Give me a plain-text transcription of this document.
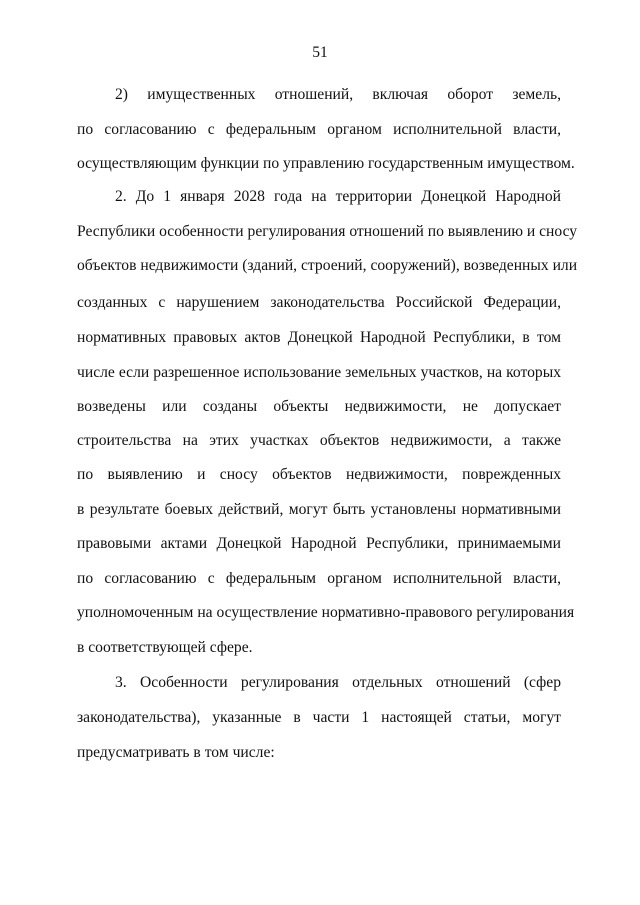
51
2) имущественных отношений, включая оборот земель,
по согласованию с федеральным органом исполнительной власти,
осуществляющим функции по управлению государственным имуществом.
2. До 1 января 2028 года на территории Донецкой Народной
Республики особенности регулирования отношений по выявлению и сносу
объектов недвижимости (зданий, строений, сооружений), возведенных или
созданных с нарушением законодательства Российской Федерации,
нормативных правовых актов Донецкой Народной Республики, в том
числе если разрешенное использование земельных участков, на которых
возведены или созданы объекты недвижимости, не допускает
строительства на этих участках объектов недвижимости, а также
по выявлению и сносу объектов недвижимости, поврежденных
в результате боевых действий, могут быть установлены нормативными
правовыми актами Донецкой Народной Республики, принимаемыми
по согласованию с федеральным органом исполнительной власти,
уполномоченным на осуществление нормативно-правового регулирования
в соответствующей сфере.
3. Особенности регулирования отдельных отношений (сфер
законодательства), указанные в части 1 настоящей статьи, могут
предусматривать в том числе:
